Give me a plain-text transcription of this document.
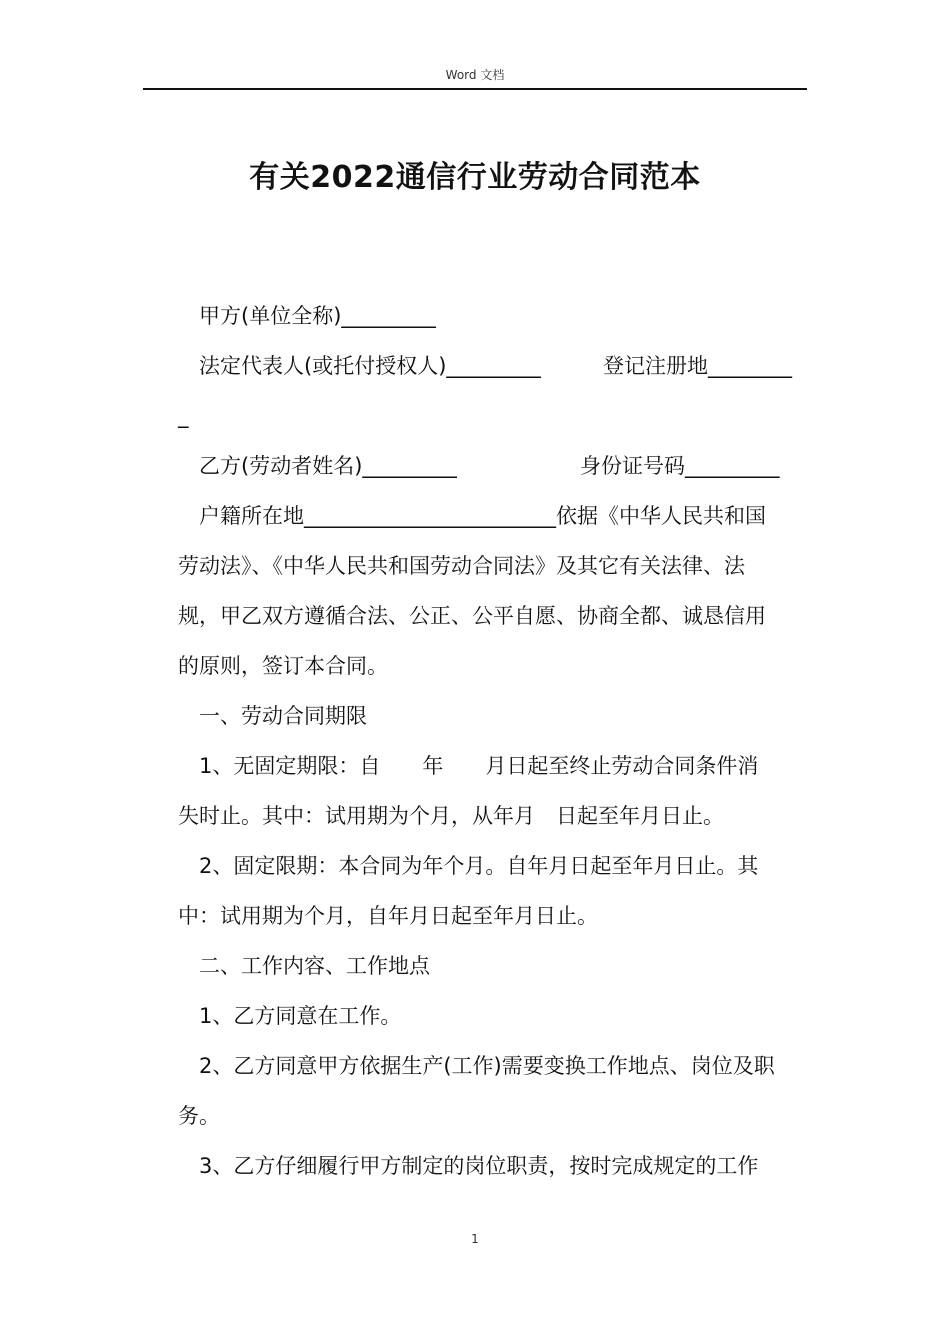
Word 文档
有关2022通信行业劳动合同范本
甲方(单位全称)_________
法定代表人(或托付授权人)_________	登记注册地________
_
乙方(劳动者姓名)_________	身份证号码_________
户籍所在地________________________依据《中华人民共和国
劳动法》、《中华人民共和国劳动合同法》及其它有关法律、法
规，甲乙双方遵循合法、公正、公平自愿、协商全都、诚恳信用
的原则，签订本合同。
一、劳动合同期限
1、无固定期限：自　　年　　月日起至终止劳动合同条件消
失时止。其中：试用期为个月，从年月　日起至年月日止。
2、固定限期：本合同为年个月。自年月日起至年月日止。其
中：试用期为个月，自年月日起至年月日止。
二、工作内容、工作地点
1、乙方同意在工作。
2、乙方同意甲方依据生产(工作)需要变换工作地点、岗位及职
务。
3、乙方仔细履行甲方制定的岗位职责，按时完成规定的工作
1
